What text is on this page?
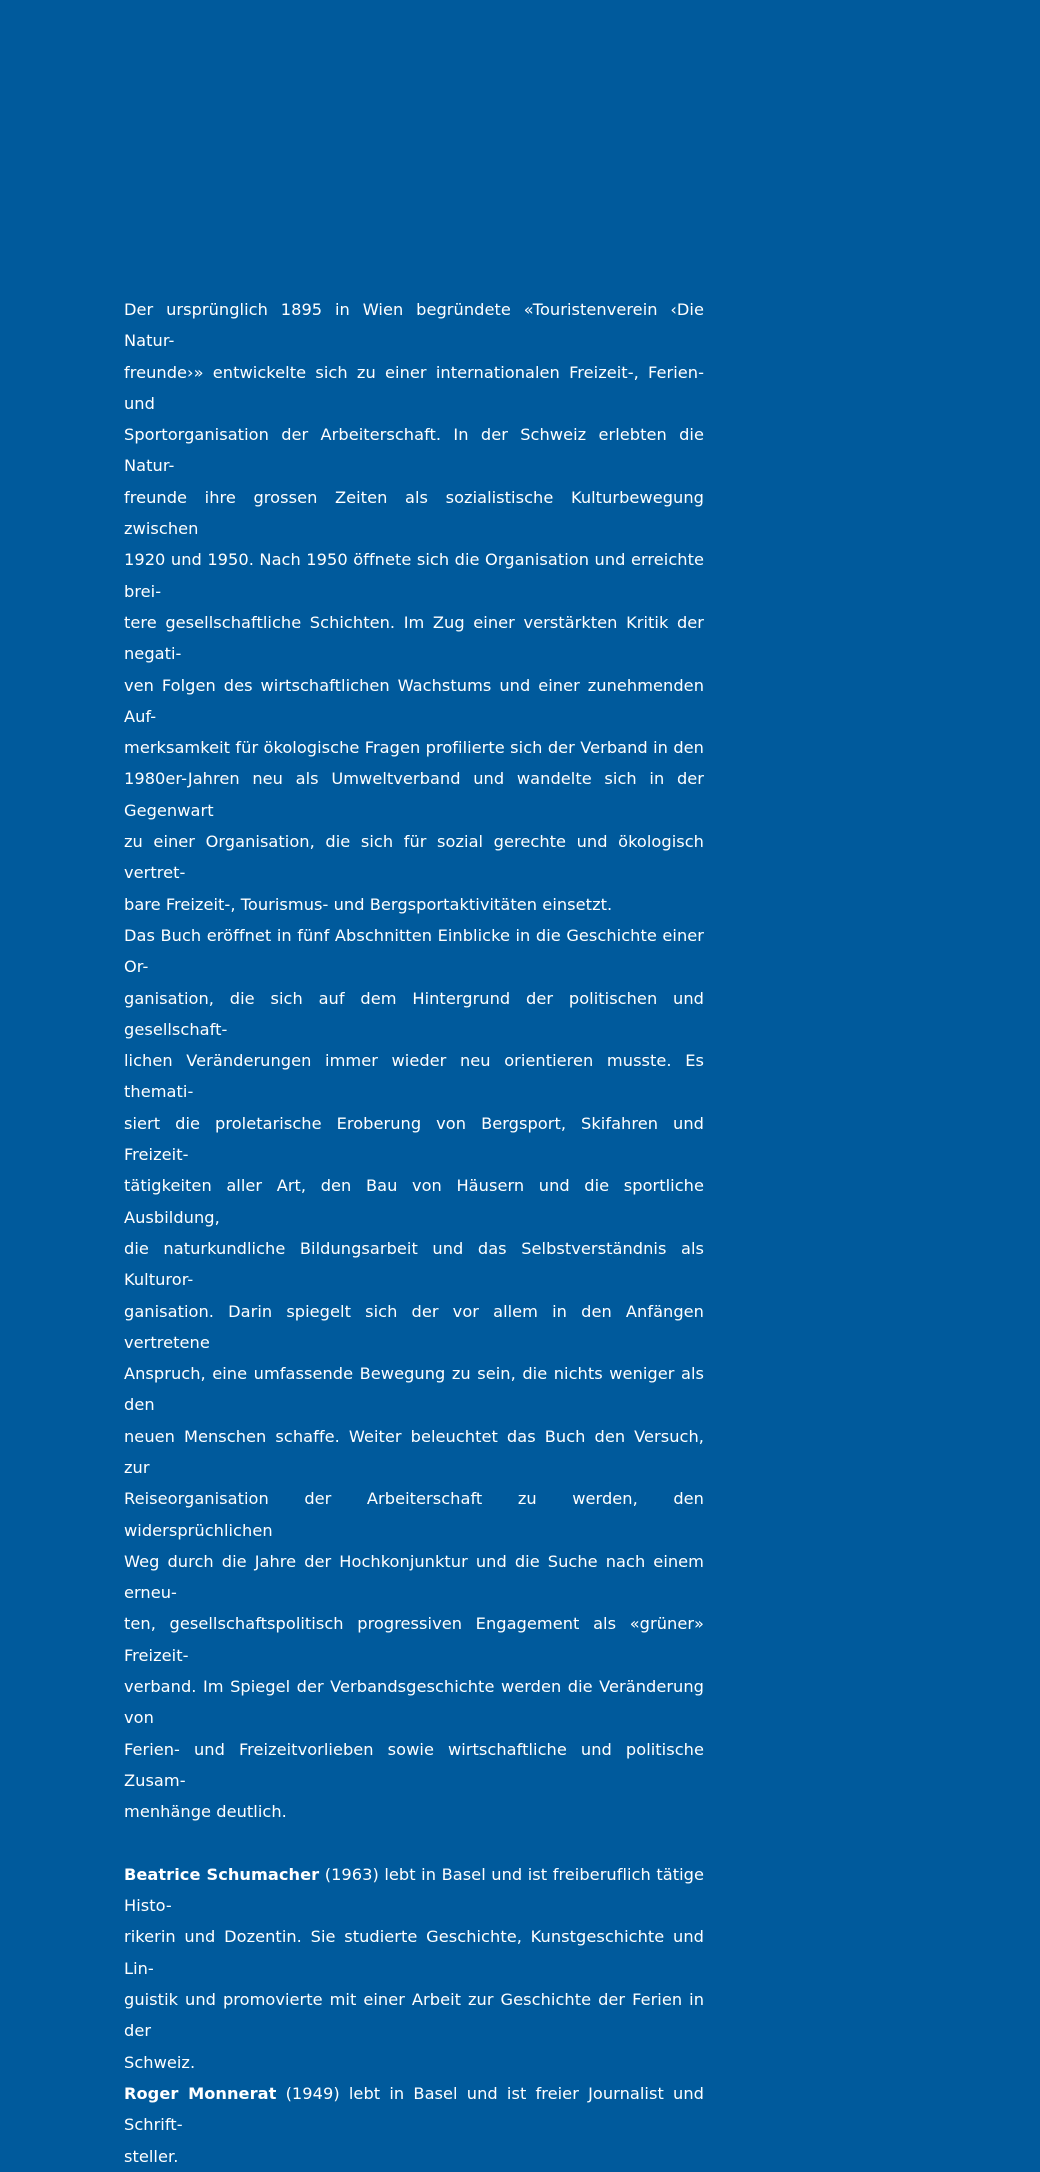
Der ursprünglich 1895 in Wien begründete «Touristenverein ‹Die Natur-
freunde›» entwickelte sich zu einer internationalen Freizeit-, Ferien- und
Sportorganisation der Arbeiterschaft. In der Schweiz erlebten die Natur-
freunde ihre grossen Zeiten als sozialistische Kulturbewegung zwischen
1920 und 1950. Nach 1950 öffnete sich die Organisation und erreichte brei-
tere gesellschaftliche Schichten. Im Zug einer verstärkten Kritik der negati-
ven Folgen des wirtschaftlichen Wachstums und einer zunehmenden Auf-
merksamkeit für ökologische Fragen profilierte sich der Verband in den
1980er-Jahren neu als Umweltverband und wandelte sich in der Gegenwart
zu einer Organisation, die sich für sozial gerechte und ökologisch vertret-
bare Freizeit-, Tourismus- und Bergsportaktivitäten einsetzt.
Das Buch eröffnet in fünf Abschnitten Einblicke in die Geschichte einer Or-
ganisation, die sich auf dem Hintergrund der politischen und gesellschaft-
lichen Veränderungen immer wieder neu orientieren musste. Es themati-
siert die proletarische Eroberung von Bergsport, Skifahren und Freizeit-
tätigkeiten aller Art, den Bau von Häusern und die sportliche Ausbildung,
die naturkundliche Bildungsarbeit und das Selbstverständnis als Kulturor-
ganisation. Darin spiegelt sich der vor allem in den Anfängen vertretene
Anspruch, eine umfassende Bewegung zu sein, die nichts weniger als den
neuen Menschen schaffe. Weiter beleuchtet das Buch den Versuch, zur
Reiseorganisation der Arbeiterschaft zu werden, den widersprüchlichen
Weg durch die Jahre der Hochkonjunktur und die Suche nach einem erneu-
ten, gesellschaftspolitisch progressiven Engagement als «grüner» Freizeit-
verband. Im Spiegel der Verbandsgeschichte werden die Veränderung von
Ferien- und Freizeitvorlieben sowie wirtschaftliche und politische Zusam-
menhänge deutlich.
Beatrice Schumacher (1963) lebt in Basel und ist freiberuflich tätige Histo-
rikerin und Dozentin. Sie studierte Geschichte, Kunstgeschichte und Lin-
guistik und promovierte mit einer Arbeit zur Geschichte der Ferien in der
Schweiz.
Roger Monnerat (1949) lebt in Basel und ist freier Journalist und Schrift-
steller.
